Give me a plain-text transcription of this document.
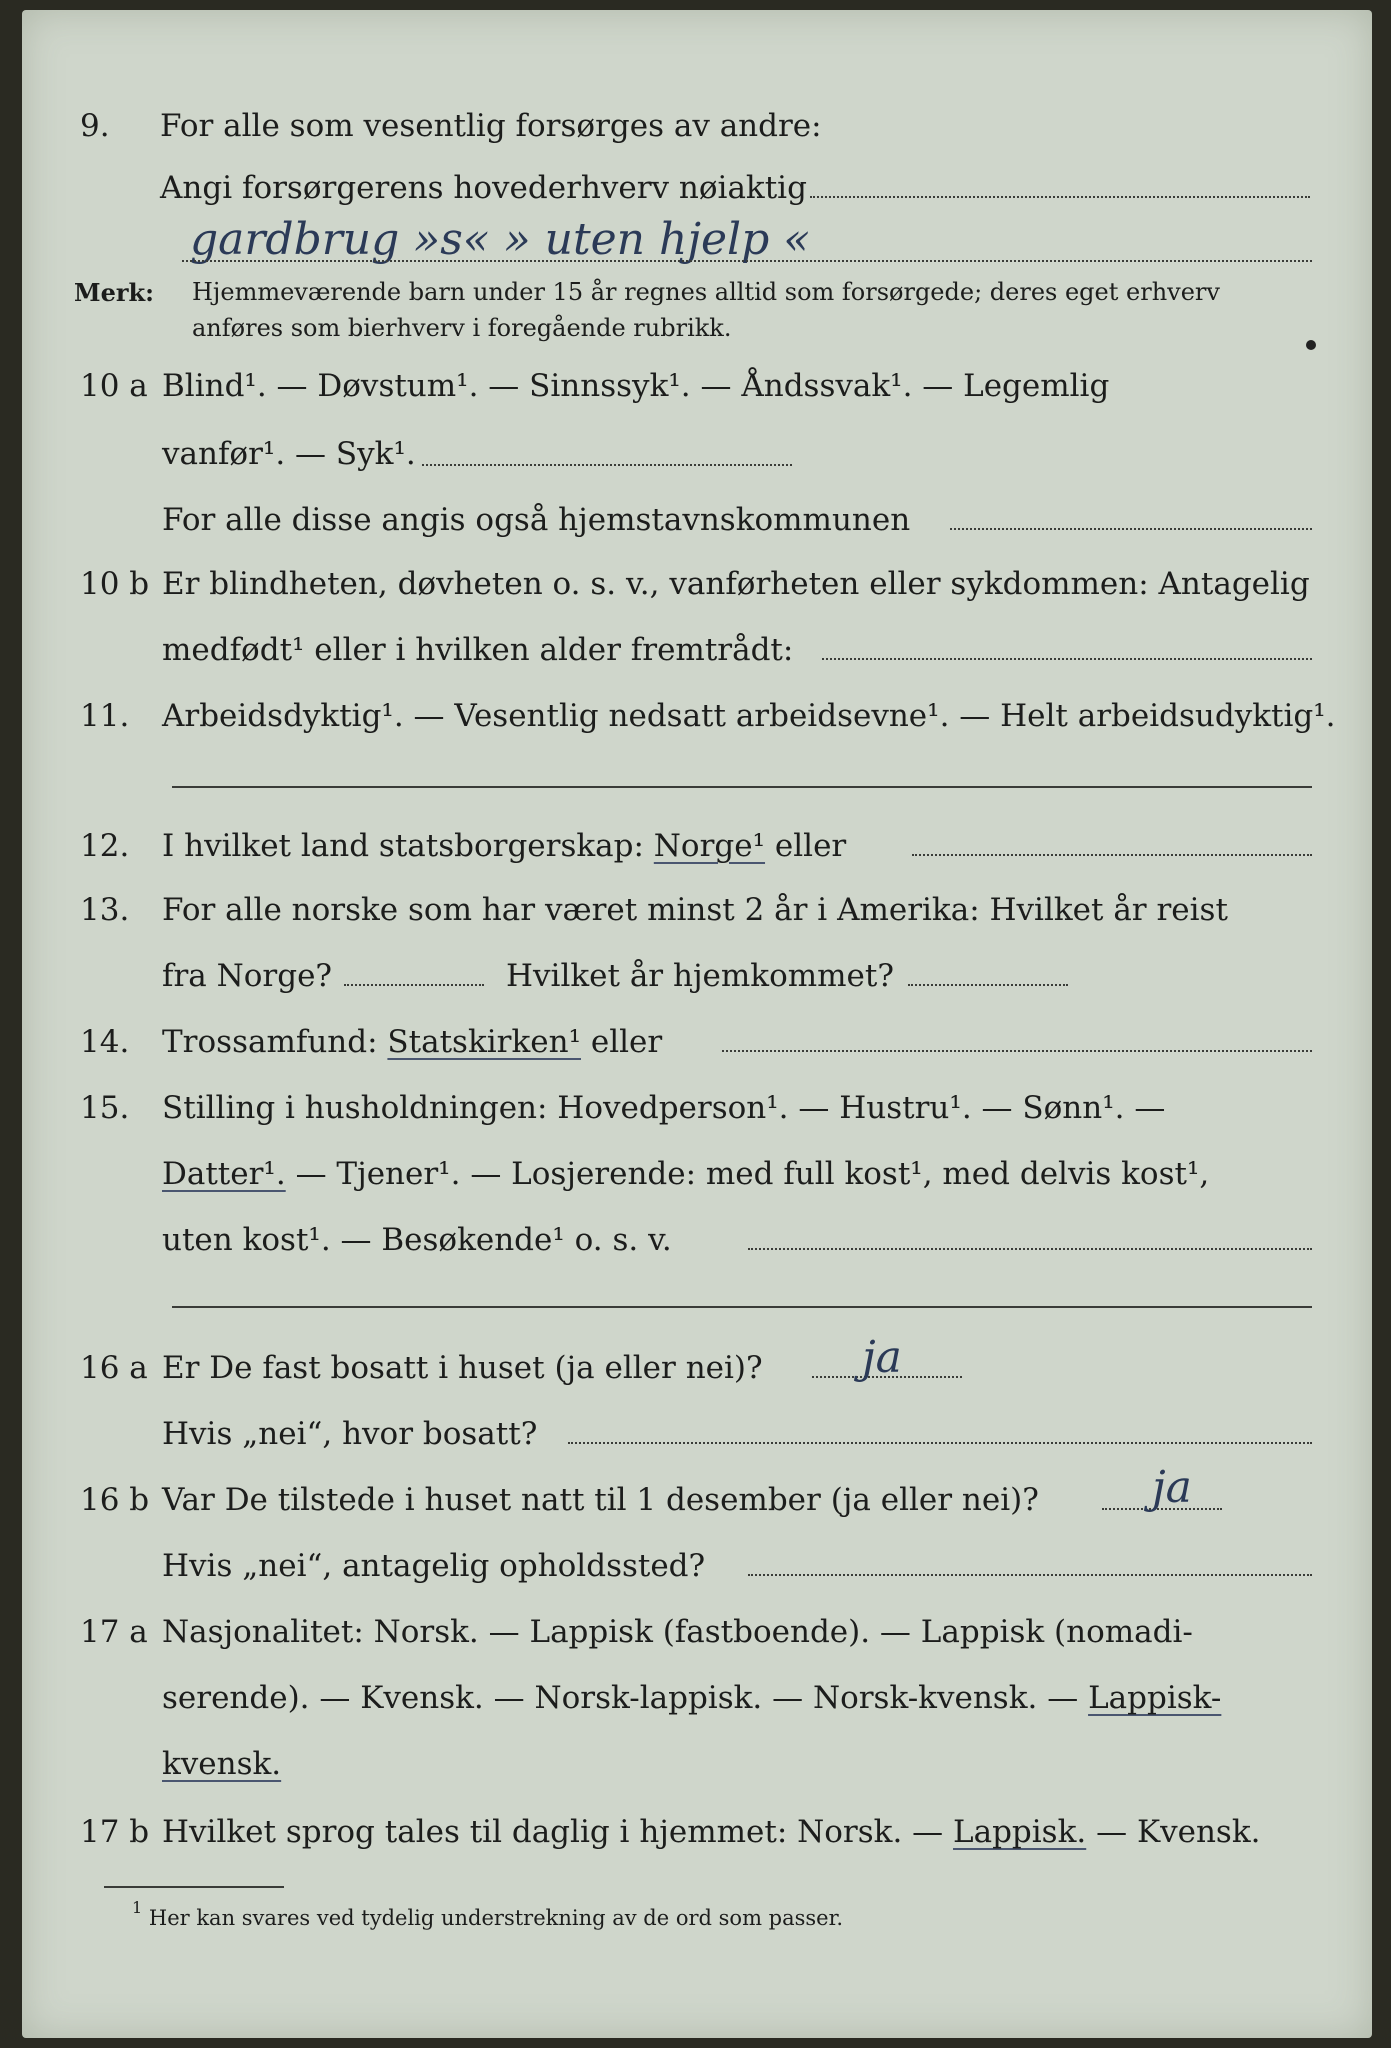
9. For alle som vesentlig forsørges av andre:
Angi forsørgerens hovederhverv nøiaktig
gardbrug »s« » uten hjelp «
Merk: Hjemmeværende barn under 15 år regnes alltid som forsørgede; deres eget erhverv
anføres som bierhverv i foregående rubrikk.
10 a Blind¹. — Døvstum¹. — Sinnssyk¹. — Åndssvak¹. — Legemlig
vanfør¹. — Syk¹.
For alle disse angis også hjemstavnskommunen
10 b Er blindheten, døvheten o. s. v., vanførheten eller sykdommen: Antagelig
medfødt¹ eller i hvilken alder fremtrådt:
11. Arbeidsdyktig¹. — Vesentlig nedsatt arbeidsevne¹. — Helt arbeidsudyktig¹.
12. I hvilket land statsborgerskap: Norge¹ eller
13. For alle norske som har været minst 2 år i Amerika: Hvilket år reist
fra Norge?	Hvilket år hjemkommet?
14. Trossamfund: Statskirken¹ eller
15. Stilling i husholdningen: Hovedperson¹. — Hustru¹. — Sønn¹. —
Datter¹. — Tjener¹. — Losjerende: med full kost¹, med delvis kost¹,
uten kost¹. — Besøkende¹ o. s. v.
16 a Er De fast bosatt i huset (ja eller nei)? ja
Hvis „nei“, hvor bosatt?
16 b Var De tilstede i huset natt til 1 desember (ja eller nei)?	ja
Hvis „nei“, antagelig opholdssted?
17 a Nasjonalitet: Norsk. — Lappisk (fastboende). — Lappisk (nomadi-
serende). — Kvensk. — Norsk-lappisk. — Norsk-kvensk. — Lappisk-
kvensk.
17 b Hvilket sprog tales til daglig i hjemmet: Norsk. — Lappisk. — Kvensk.
$^1$ Her kan svares ved tydelig understrekning av de ord som passer.
